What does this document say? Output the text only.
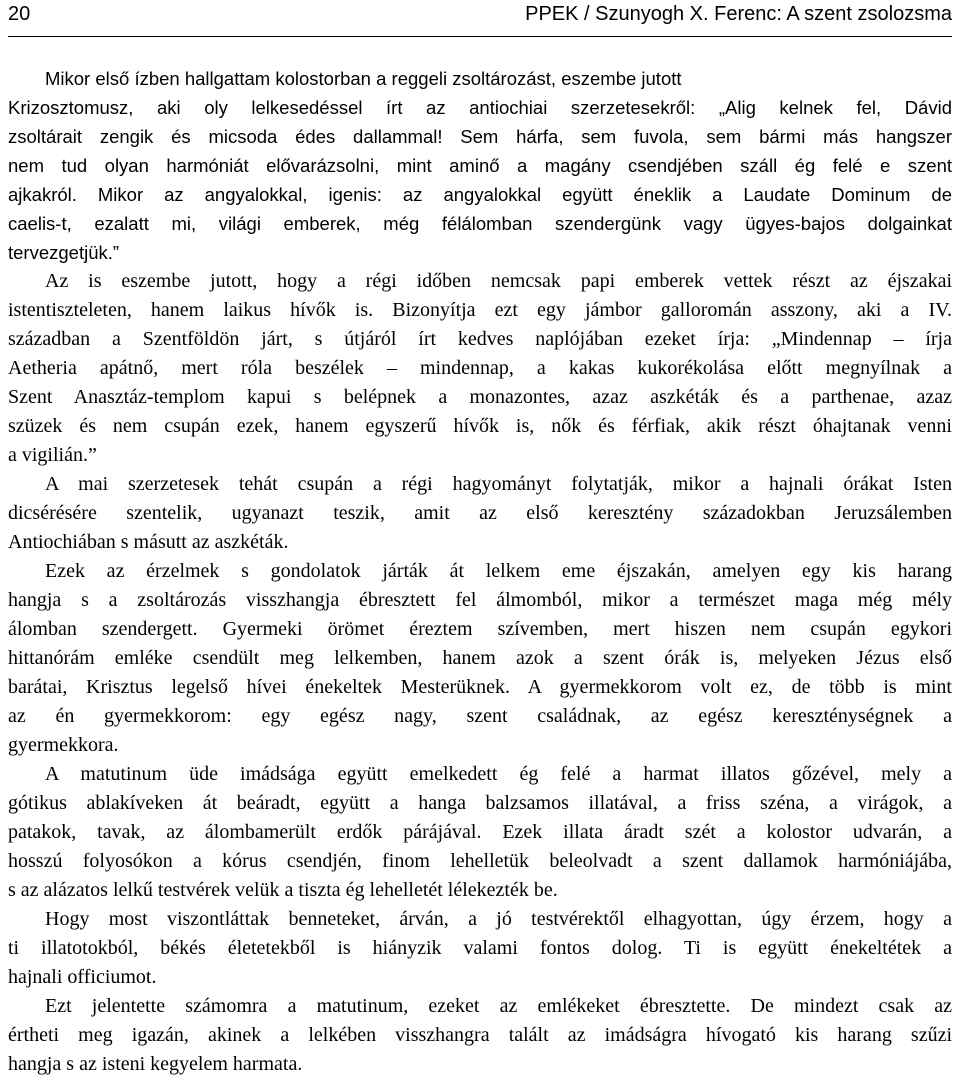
20	PPEK / Szunyogh X. Ferenc: A szent zsolozsma
Mikor első ízben hallgattam kolostorban a reggeli zsoltározást, eszembe jutott
Krizosztomusz, aki oly lelkesedéssel írt az antiochiai szerzetesekről: „Alig kelnek fel, Dávid
zsoltárait zengik és micsoda édes dallammal! Sem hárfa, sem fuvola, sem bármi más hangszer
nem tud olyan harmóniát elővarázsolni, mint aminő a magány csendjében száll ég felé e szent
ajkakról. Mikor az angyalokkal, igenis: az angyalokkal együtt éneklik a Laudate Dominum de
caelis-t, ezalatt mi, világi emberek, még félálomban szendergünk vagy ügyes-bajos dolgainkat
tervezgetjük.”
Az is eszembe jutott, hogy a régi időben nemcsak papi emberek vettek részt az éjszakai
istentiszteleten, hanem laikus hívők is. Bizonyítja ezt egy jámbor galloromán asszony, aki a IV.
században a Szentföldön járt, s útjáról írt kedves naplójában ezeket írja: „Mindennap – írja
Aetheria apátnő, mert róla beszélek – mindennap, a kakas kukorékolása előtt megnyílnak a
Szent Anasztáz-templom kapui s belépnek a monazontes, azaz aszkéták és a parthenae, azaz
szüzek és nem csupán ezek, hanem egyszerű hívők is, nők és férfiak, akik részt óhajtanak venni
a vigilián.”
A mai szerzetesek tehát csupán a régi hagyományt folytatják, mikor a hajnali órákat Isten
dicsérésére szentelik, ugyanazt teszik, amit az első keresztény századokban Jeruzsálemben
Antiochiában s másutt az aszkéták.
Ezek az érzelmek s gondolatok járták át lelkem eme éjszakán, amelyen egy kis harang
hangja s a zsoltározás visszhangja ébresztett fel álmomból, mikor a természet maga még mély
álomban szendergett. Gyermeki örömet éreztem szívemben, mert hiszen nem csupán egykori
hittanórám emléke csendült meg lelkemben, hanem azok a szent órák is, melyeken Jézus első
barátai, Krisztus legelső hívei énekeltek Mesterüknek. A gyermekkorom volt ez, de több is mint
az én gyermekkorom: egy egész nagy, szent családnak, az egész kereszténységnek a
gyermekkora.
A matutinum üde imádsága együtt emelkedett ég felé a harmat illatos gőzével, mely a
gótikus ablakíveken át beáradt, együtt a hanga balzsamos illatával, a friss széna, a virágok, a
patakok, tavak, az álombamerült erdők párájával. Ezek illata áradt szét a kolostor udvarán, a
hosszú folyosókon a kórus csendjén, finom lehelletük beleolvadt a szent dallamok harmóniájába,
s az alázatos lelkű testvérek velük a tiszta ég lehelletét lélekezték be.
Hogy most viszontláttak benneteket, árván, a jó testvérektől elhagyottan, úgy érzem, hogy a
ti illatotokból, békés életetekből is hiányzik valami fontos dolog. Ti is együtt énekeltétek a
hajnali officiumot.
Ezt jelentette számomra a matutinum, ezeket az emlékeket ébresztette. De mindezt csak az
értheti meg igazán, akinek a lelkében visszhangra talált az imádságra hívogató kis harang szűzi
hangja s az isteni kegyelem harmata.
